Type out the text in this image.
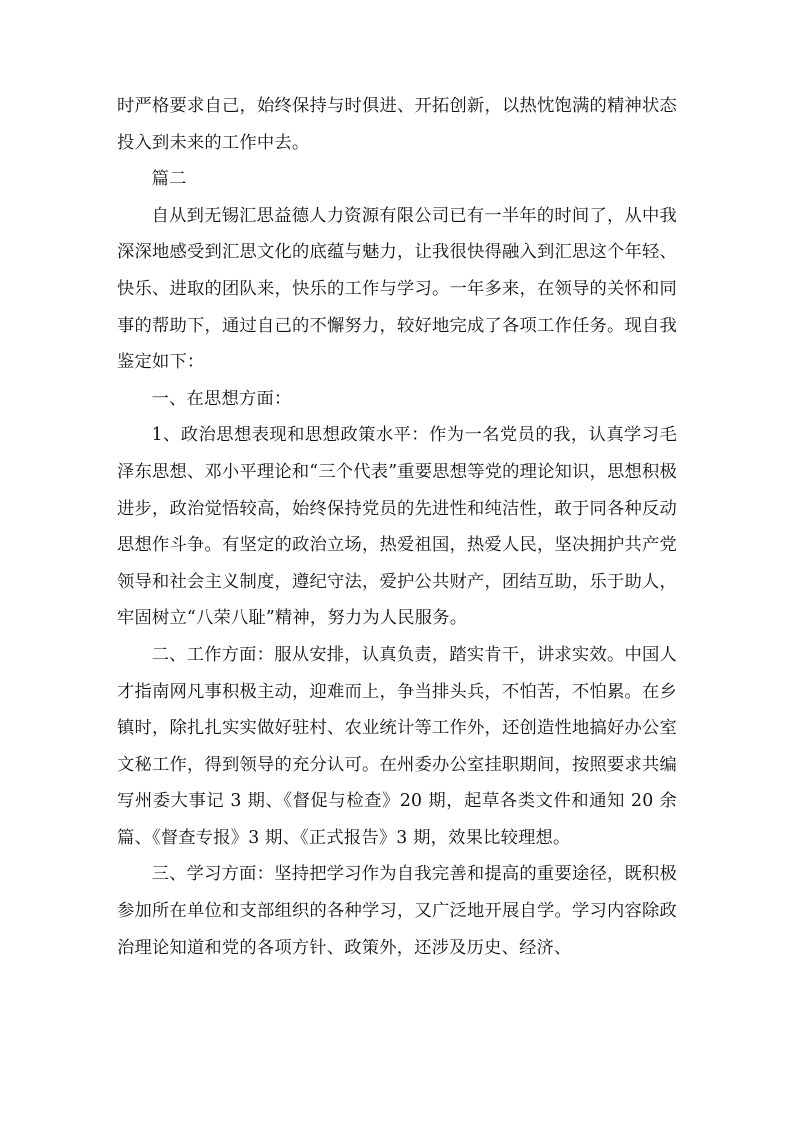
时严格要求自己，始终保持与时俱进、开拓创新，以热忱饱满的精神状态投入到未来的工作中去。

篇二

自从到无锡汇思益德人力资源有限公司已有一半年的时间了，从中我深深地感受到汇思文化的底蕴与魅力，让我很快得融入到汇思这个年轻、快乐、进取的团队来，快乐的工作与学习。一年多来，在领导的关怀和同事的帮助下，通过自己的不懈努力，较好地完成了各项工作任务。现自我鉴定如下：

一、在思想方面：

1、政治思想表现和思想政策水平：作为一名党员的我，认真学习毛泽东思想、邓小平理论和“三个代表”重要思想等党的理论知识，思想积极进步，政治觉悟较高，始终保持党员的先进性和纯洁性，敢于同各种反动思想作斗争。有坚定的政治立场，热爱祖国，热爱人民，坚决拥护共产党领导和社会主义制度，遵纪守法，爱护公共财产，团结互助，乐于助人，牢固树立“八荣八耻”精神，努力为人民服务。

二、工作方面：服从安排，认真负责，踏实肯干，讲求实效。中国人才指南网凡事积极主动，迎难而上，争当排头兵，不怕苦，不怕累。在乡镇时，除扎扎实实做好驻村、农业统计等工作外，还创造性地搞好办公室文秘工作，得到领导的充分认可。在州委办公室挂职期间，按照要求共编写州委大事记 3 期、《督促与检查》20 期，起草各类文件和通知 20 余篇、《督查专报》3 期、《正式报告》3 期，效果比较理想。

三、学习方面：坚持把学习作为自我完善和提高的重要途径，既积极参加所在单位和支部组织的各种学习，又广泛地开展自学。学习内容除政治理论知道和党的各项方针、政策外，还涉及历史、经济、
